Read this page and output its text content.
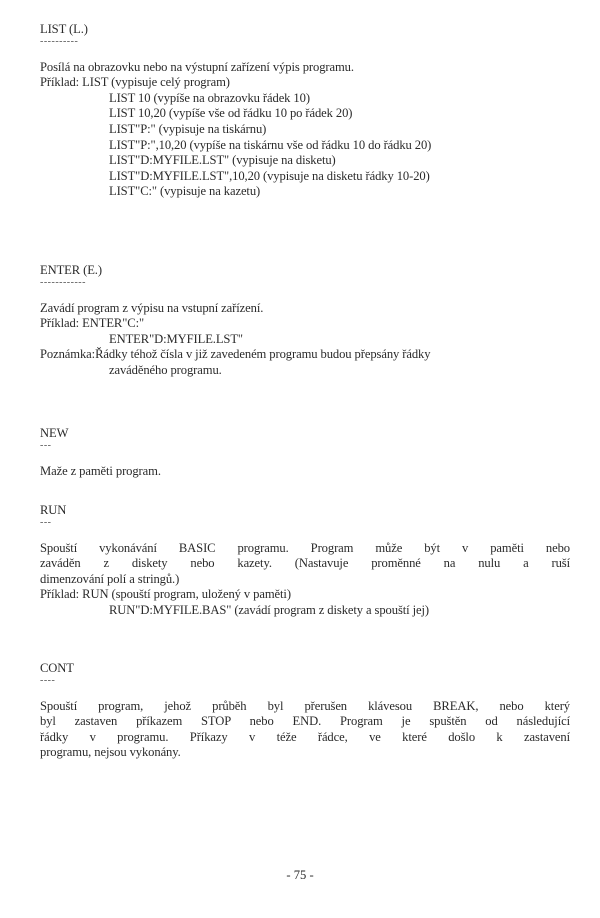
LIST (L.)
----------
Posílá na obrazovku nebo na výstupní zařízení výpis programu.
Příklad: LIST (vypisuje celý program)
LIST 10 (vypíše na obrazovku řádek 10)
LIST 10,20 (vypíše vše od řádku 10 po řádek 20)
LIST"P:" (vypisuje na tiskárnu)
LIST"P:",10,20 (vypíše na tiskárnu vše od řádku 10 do řádku 20)
LIST"D:MYFILE.LST" (vypisuje na disketu)
LIST"D:MYFILE.LST",10,20 (vypisuje na disketu řádky 10-20)
LIST"C:" (vypisuje na kazetu)
ENTER (E.)
------------
Zavádí program z výpisu na vstupní zařízení.
Příklad: ENTER"C:"
ENTER"D:MYFILE.LST"
Poznámka:Řádky téhož čísla v již zavedeném programu budou přepsány řádky
zaváděného programu.
NEW
---
Maže z paměti program.
RUN
---
Spouští vykonávání BASIC programu. Program může být v paměti nebo
zaváděn z diskety nebo kazety. (Nastavuje proměnné na nulu a ruší
dimenzování polí a stringů.)
Příklad: RUN (spouští program, uložený v paměti)
RUN"D:MYFILE.BAS" (zavádí program z diskety a spouští jej)
CONT
----
Spouští program, jehož průběh byl přerušen klávesou BREAK, nebo který
byl zastaven příkazem STOP nebo END. Program je spuštěn od následující
řádky v programu. Příkazy v téže řádce, ve které došlo k zastavení
programu, nejsou vykonány.
- 75 -
